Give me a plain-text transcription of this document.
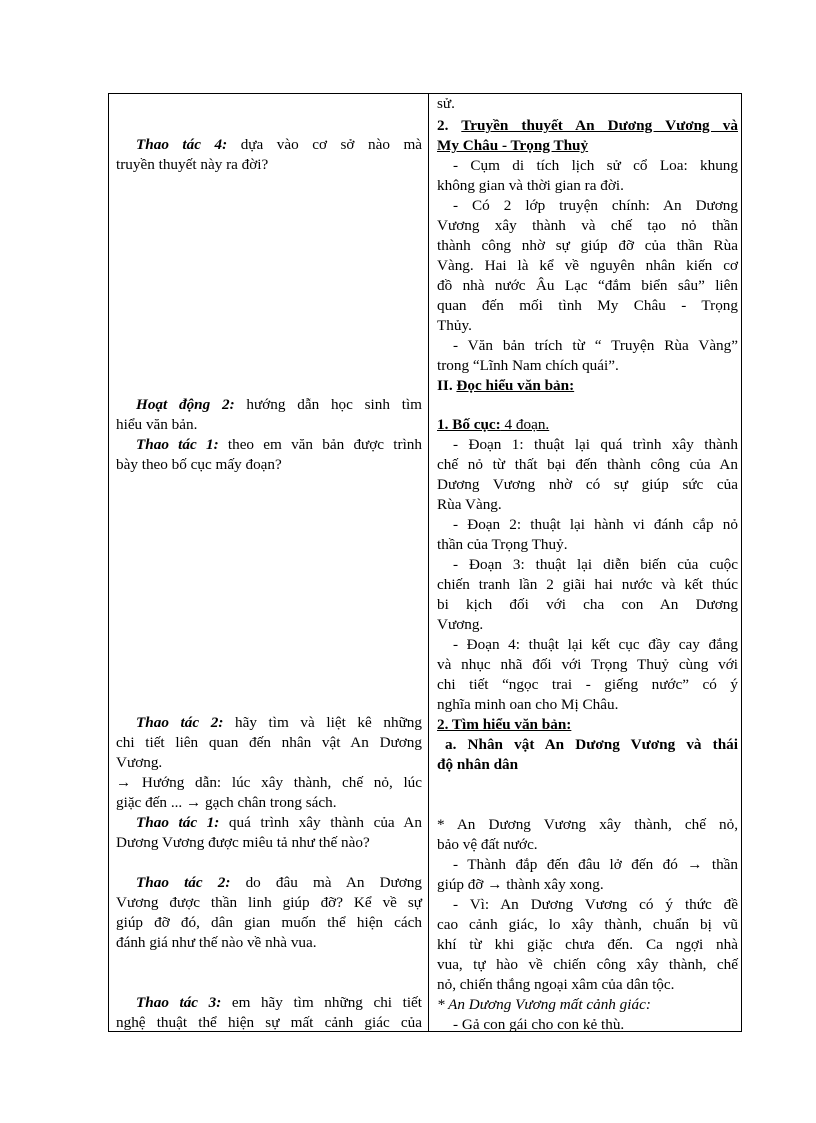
Thao tác 4: dựa vào cơ sở nào mà
truyền thuyết này ra đời?
Hoạt động 2: hướng dẫn học sinh tìm
hiểu văn bản.
Thao tác 1: theo em văn bản được trình
bày theo bố cục mấy đoạn?
Thao tác 2: hãy tìm và liệt kê những
chi tiết liên quan đến nhân vật An Dương
Vương.
→ Hướng dẫn: lúc xây thành, chế nỏ, lúc
giặc đến ... → gạch chân trong sách.
Thao tác 1: quá trình xây thành của An
Dương Vương được miêu tả như thế nào?
Thao tác 2: do đâu mà An Dương
Vương được thần linh giúp đỡ? Kể về sự
giúp đỡ đó, dân gian muốn thể hiện cách
đánh giá như thế nào về nhà vua.
Thao tác 3: em hãy tìm những chi tiết
nghệ thuật thể hiện sự mất cảnh giác của
sử.
2. Truyền thuyết An Dương Vương và
My Châu - Trọng Thuỷ
- Cụm di tích lịch sử cổ Loa: khung
không gian và thời gian ra đời.
- Có 2 lớp truyện chính: An Dương
Vương xây thành và chế tạo nỏ thần
thành công nhờ sự giúp đỡ của thần Rùa
Vàng. Hai là kể về nguyên nhân kiến cơ
đồ nhà nước Âu Lạc “đắm biển sâu” liên
quan đến mối tình My Châu - Trọng
Thủy.
- Văn bản trích từ “ Truyện Rùa Vàng”
trong “Lĩnh Nam chích quái”.
II. Đọc hiểu văn bản:
1. Bố cục: 4 đoạn.
- Đoạn 1: thuật lại quá trình xây thành
chế nỏ từ thất bại đến thành công của An
Dương Vương nhờ có sự giúp sức của
Rùa Vàng.
- Đoạn 2: thuật lại hành vi đánh cắp nỏ
thần của Trọng Thuỷ.
- Đoạn 3: thuật lại diễn biến của cuộc
chiến tranh lần 2 giãi hai nước và kết thúc
bi kịch đối với cha con An Dương
Vương.
- Đoạn 4: thuật lại kết cục đầy cay đắng
và nhục nhã đối với Trọng Thuỷ cùng với
chi tiết “ngọc trai - giếng nước” có ý
nghĩa minh oan cho Mị Châu.
2. Tìm hiểu văn bản:
a. Nhân vật An Dương Vương và thái
độ nhân dân
* An Dương Vương xây thành, chế nỏ,
bảo vệ đất nước.
- Thành đắp đến đâu lở đến đó → thần
giúp đỡ → thành xây xong.
- Vì: An Dương Vương có ý thức đề
cao cảnh giác, lo xây thành, chuẩn bị vũ
khí từ khi giặc chưa đến. Ca ngợi nhà
vua, tự hào về chiến công xây thành, chế
nỏ, chiến thắng ngoại xâm của dân tộc.
* An Dương Vương mất cảnh giác:
- Gả con gái cho con kẻ thù.
